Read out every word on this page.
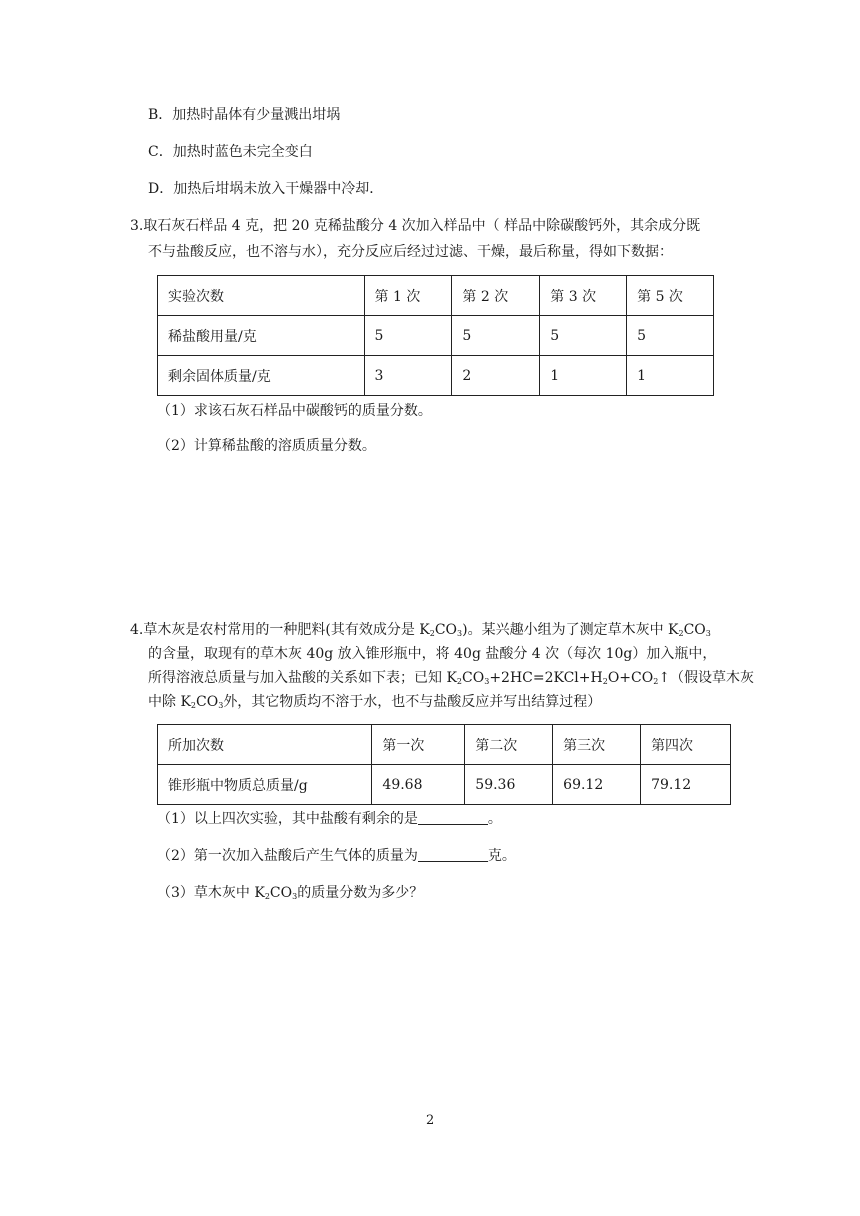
B．加热时晶体有少量溅出坩埚
C．加热时蓝色未完全变白
D．加热后坩埚未放入干燥器中冷却．
3.取石灰石样品 4 克，把 20 克稀盐酸分 4 次加入样品中（ 样品中除碳酸钙外，其余成分既
不与盐酸反应，也不溶与水），充分反应后经过过滤、干燥，最后称量，得如下数据：
实验次数	第 1 次	第 2 次	第 3 次	第 5 次
稀盐酸用量/克	5	5	5	5
剩余固体质量/克	3	2	1	1
（1）求该石灰石样品中碳酸钙的质量分数。
（2）计算稀盐酸的溶质质量分数。
4.草木灰是农村常用的一种肥料(其有效成分是 $K_2CO_3$)。某兴趣小组为了测定草木灰中 $K_2CO_3$
的含量，取现有的草木灰 40g 放入锥形瓶中，将 40g 盐酸分 4 次（每次 10g）加入瓶中，
所得溶液总质量与加入盐酸的关系如下表；已知 $K_2CO_3+2HC=2KCl+H_2O+CO_2↑$（假设草木灰
中除 $K_2CO_3$外，其它物质均不溶于水，也不与盐酸反应并写出结算过程）
所加次数	第一次	第二次	第三次	第四次
锥形瓶中物质总质量/g	49.68	59.36	69.12	79.12
（1）以上四次实验，其中盐酸有剩余的是	。
（2）第一次加入盐酸后产生气体的质量为	克。
（3）草木灰中 $K_2CO_3$的质量分数为多少？
2
